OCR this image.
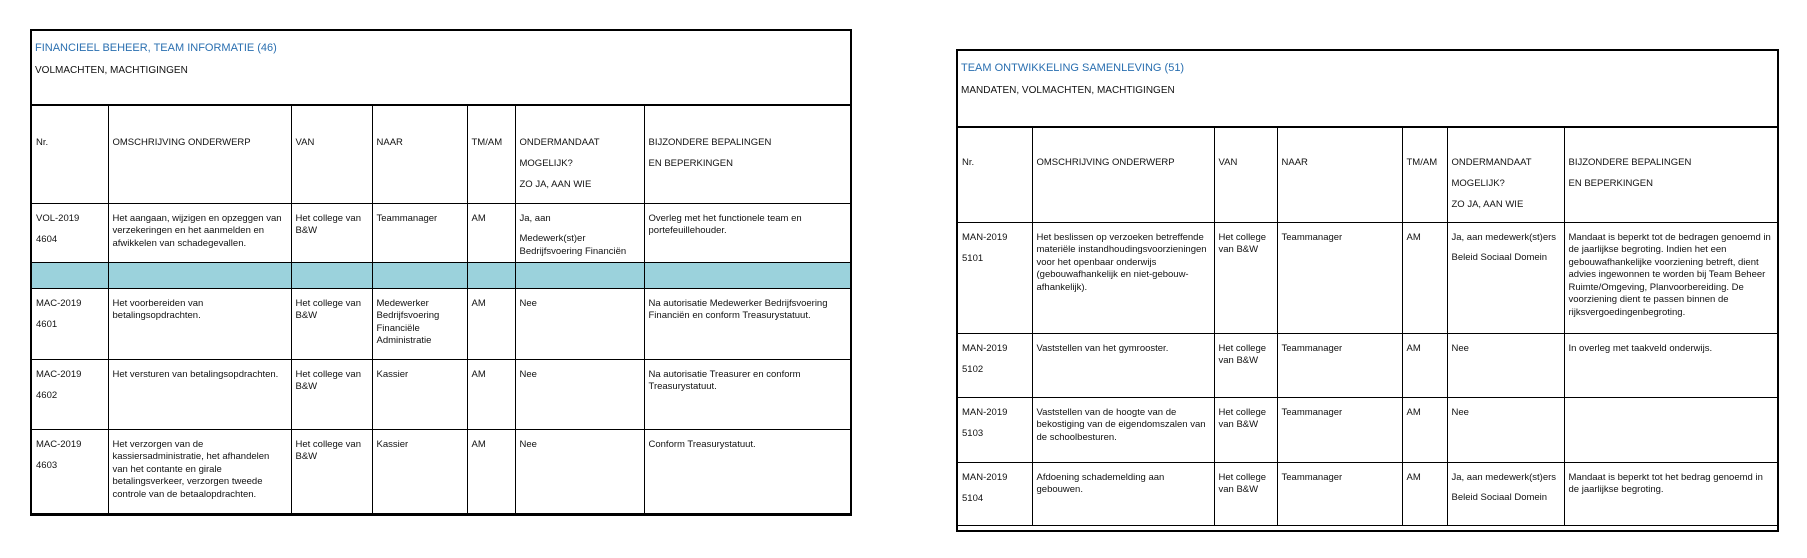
FINANCIEEL BEHEER, TEAM INFORMATIE (46)
VOLMACHTEN, MACHTIGINGEN
Nr.	OMSCHRIJVING ONDERWERP	VAN	NAAR	TM/AM	ONDERMANDAAT MOGELIJK?
ZO JA, AAN WIE	BIJZONDERE BEPALINGEN
EN BEPERKINGEN
VOL-2019
4604	Het aangaan, wijzigen en opzeggen van verzekeringen en het aanmelden en afwikkelen van schadegevallen.	Het college van B&W	Teammanager	AM	Ja, aan
Medewerk(st)er Bedrijfsvoering Financiën	Overleg met het functionele team en portefeuillehouder.

MAC-2019
4601	Het voorbereiden van betalingsopdrachten.	Het college van B&W	Medewerker Bedrijfsvoering Financiële Administratie	AM	Nee	Na autorisatie Medewerker Bedrijfsvoering Financiën en conform Treasurystatuut.
MAC-2019
4602	Het versturen van betalingsopdrachten.	Het college van B&W	Kassier	AM	Nee	Na autorisatie Treasurer en conform Treasurystatuut.
MAC-2019
4603	Het verzorgen van de kassiersadministratie, het afhandelen van het contante en girale betalingsverkeer, verzorgen tweede controle van de betaalopdrachten.	Het college van B&W	Kassier	AM	Nee	Conform Treasurystatuut.
TEAM ONTWIKKELING SAMENLEVING (51)
MANDATEN, VOLMACHTEN, MACHTIGINGEN
Nr.	OMSCHRIJVING ONDERWERP	VAN	NAAR	TM/AM	ONDERMANDAAT MOGELIJK?
ZO JA, AAN WIE	BIJZONDERE BEPALINGEN
EN BEPERKINGEN
MAN-2019
5101	Het beslissen op verzoeken betreffende materiële instandhoudingsvoorzieningen voor het openbaar onderwijs (gebouwafhankelijk en niet-gebouw-afhankelijk).	Het college van B&W	Teammanager	AM	Ja, aan medewerk(st)ers
Beleid Sociaal Domein	Mandaat is beperkt tot de bedragen genoemd in de jaarlijkse begroting. Indien het een gebouwafhankelijke voorziening betreft, dient advies ingewonnen te worden bij Team Beheer Ruimte/Omgeving, Planvoorbereiding. De voorziening dient te passen binnen de rijksvergoedingenbegroting.
MAN-2019
5102	Vaststellen van het gymrooster.	Het college van B&W	Teammanager	AM	Nee	In overleg met taakveld onderwijs.
MAN-2019
5103	Vaststellen van de hoogte van de bekostiging van de eigendomszalen van de schoolbesturen.	Het college van B&W	Teammanager	AM	Nee	
MAN-2019
5104	Afdoening schademelding aan gebouwen.	Het college van B&W	Teammanager	AM	Ja, aan medewerk(st)ers
Beleid Sociaal Domein	Mandaat is beperkt tot het bedrag genoemd in de jaarlijkse begroting.
